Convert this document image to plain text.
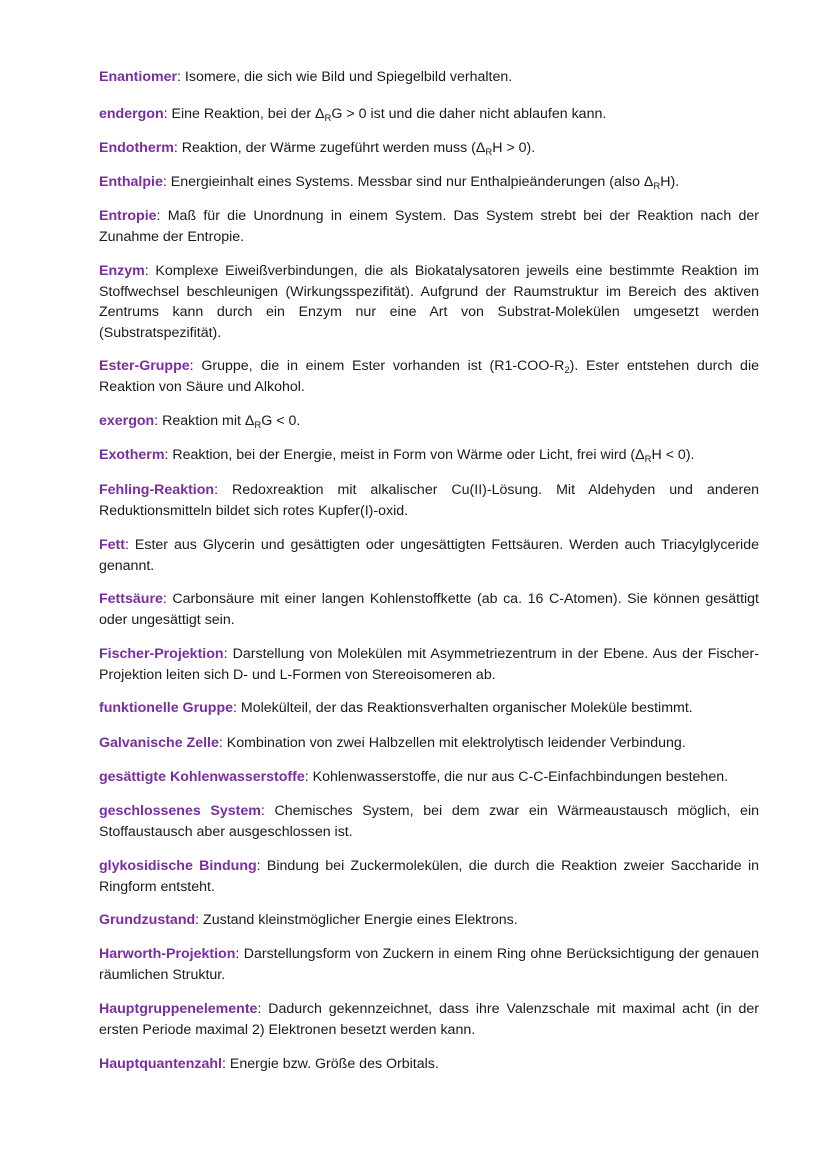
Enantiomer: Isomere, die sich wie Bild und Spiegelbild verhalten.

endergon: Eine Reaktion, bei der $\Delta_RG > 0$ ist und die daher nicht ablaufen kann.

Endotherm: Reaktion, der Wärme zugeführt werden muss $(\Delta_RH > 0)$.

Enthalpie: Energieinhalt eines Systems. Messbar sind nur Enthalpieänderungen (also $\Delta_RH$).

Entropie: Maß für die Unordnung in einem System. Das System strebt bei der Reaktion nach der Zunahme der Entropie.

Enzym: Komplexe Eiweißverbindungen, die als Biokatalysatoren jeweils eine bestimmte Reaktion im Stoffwechsel beschleunigen (Wirkungsspezifität). Aufgrund der Raumstruktur im Bereich des aktiven Zentrums kann durch ein Enzym nur eine Art von Substrat-Molekülen umgesetzt werden (Substratspezifität).

Ester-Gruppe: Gruppe, die in einem Ester vorhanden ist $(R1-COO-R_2)$. Ester entstehen durch die Reaktion von Säure und Alkohol.

exergon: Reaktion mit $\Delta_RG < 0$.

Exotherm: Reaktion, bei der Energie, meist in Form von Wärme oder Licht, frei wird $(\Delta_RH < 0)$.

Fehling-Reaktion: Redoxreaktion mit alkalischer Cu(II)-Lösung. Mit Aldehyden und anderen Reduktionsmitteln bildet sich rotes Kupfer(I)-oxid.

Fett: Ester aus Glycerin und gesättigten oder ungesättigten Fettsäuren. Werden auch Triacylglyceride genannt.

Fettsäure: Carbonsäure mit einer langen Kohlenstoffkette (ab ca. 16 C-Atomen). Sie können gesättigt oder ungesättigt sein.

Fischer-Projektion: Darstellung von Molekülen mit Asymmetriezentrum in der Ebene. Aus der Fischer-Projektion leiten sich D- und L-Formen von Stereoisomeren ab.

funktionelle Gruppe: Molekülteil, der das Reaktionsverhalten organischer Moleküle bestimmt.

Galvanische Zelle: Kombination von zwei Halbzellen mit elektrolytisch leidender Verbindung.

gesättigte Kohlenwasserstoffe: Kohlenwasserstoffe, die nur aus C-C-Einfachbindungen bestehen.

geschlossenes System: Chemisches System, bei dem zwar ein Wärmeaustausch möglich, ein Stoffaustausch aber ausgeschlossen ist.

glykosidische Bindung: Bindung bei Zuckermolekülen, die durch die Reaktion zweier Saccharide in Ringform entsteht.

Grundzustand: Zustand kleinstmöglicher Energie eines Elektrons.

Harworth-Projektion: Darstellungsform von Zuckern in einem Ring ohne Berücksichtigung der genauen räumlichen Struktur.

Hauptgruppenelemente: Dadurch gekennzeichnet, dass ihre Valenzschale mit maximal acht (in der ersten Periode maximal 2) Elektronen besetzt werden kann.

Hauptquantenzahl: Energie bzw. Größe des Orbitals.
